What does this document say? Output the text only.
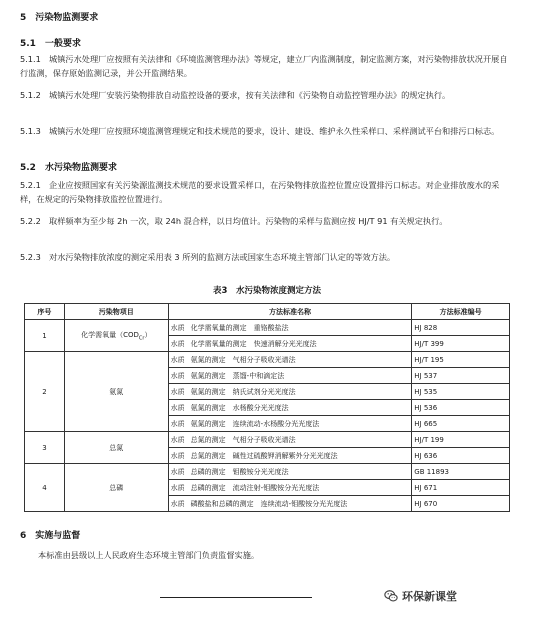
5　污染物监测要求
5.1　一般要求
5.1.1　城镇污水处理厂应按照有关法律和《环境监测管理办法》等规定，建立厂内监测制度，制定监测方案，对污染物排放状况开展自行监测，保存原始监测记录，并公开监测结果。
5.1.2　城镇污水处理厂安装污染物排放自动监控设备的要求，按有关法律和《污染物自动监控管理办法》的规定执行。
5.1.3　城镇污水处理厂应按照环境监测管理规定和技术规范的要求，设计、建设、维护永久性采样口、采样测试平台和排污口标志。
5.2　水污染物监测要求
5.2.1　企业应按照国家有关污染源监测技术规范的要求设置采样口，在污染物排放监控位置应设置排污口标志。对企业排放废水的采样，在规定的污染物排放监控位置进行。
5.2.2　取样频率为至少每 2h 一次，取 24h 混合样，以日均值计。污染物的采样与监测应按 HJ/T 91 有关规定执行。
5.2.3　对水污染物排放浓度的测定采用表 3 所列的监测方法或国家生态环境主管部门认定的等效方法。
表3　水污染物浓度测定方法
序号	污染物项目	方法标准名称	方法标准编号
1	化学需氧量$(COD_{Cr})$	水质 化学需氧量的测定　重铬酸盐法	HJ 828
		水质 化学需氧量的测定　快速消解分光光度法	HJ/T 399
2	氨氮	水质 氨氮的测定　气相分子吸收光谱法	HJ/T 195
		水质 氨氮的测定　蒸馏-中和滴定法	HJ 537
		水质 氨氮的测定　纳氏试剂分光光度法	HJ 535
		水质 氨氮的测定　水杨酸分光光度法	HJ 536
		水质 氨氮的测定　连续流动-水杨酸分光光度法	HJ 665
3	总氮	水质 总氮的测定　气相分子吸收光谱法	HJ/T 199
		水质 总氮的测定　碱性过硫酸钾消解紫外分光光度法	HJ 636
4	总磷	水质 总磷的测定　钼酸铵分光光度法	GB 11893
		水质 总磷的测定　流动注射-钼酸铵分光光度法	HJ 671
		水质 磷酸盐和总磷的测定　连续流动-钼酸铵分光光度法	HJ 670
6　实施与监督
本标准由县级以上人民政府生态环境主管部门负责监督实施。
环保新课堂
